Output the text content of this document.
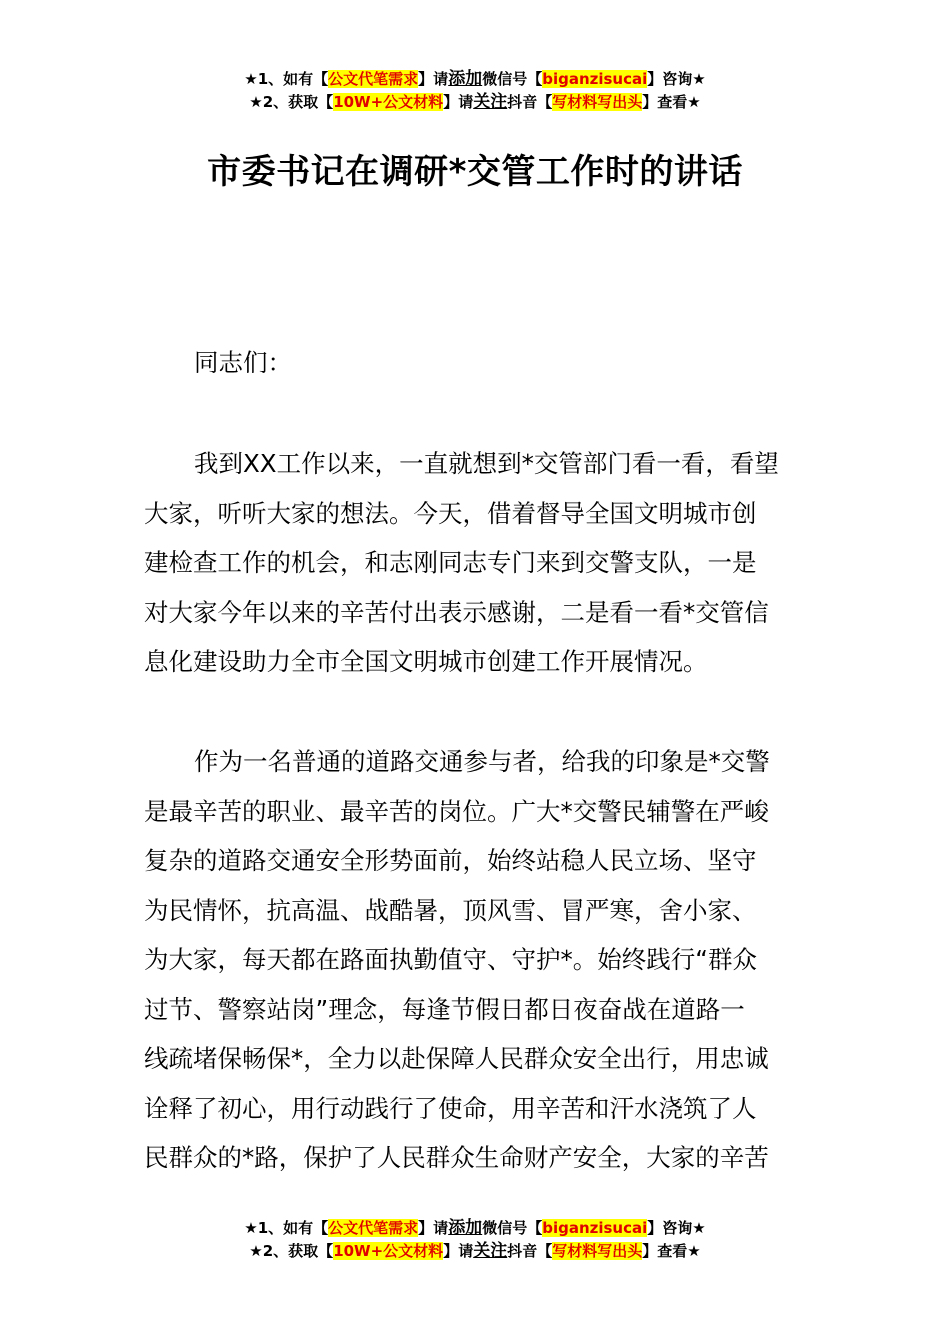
★1、如有【公文代笔需求】请添加微信号【biganzisucai】咨询★
★2、获取【10W+公文材料】请关注抖音【写材料写出头】查看★
市委书记在调研*交管工作时的讲话
同志们：
我到XX工作以来，一直就想到*交管部门看一看，看望
大家，听听大家的想法。今天，借着督导全国文明城市创
建检查工作的机会，和志刚同志专门来到交警支队，一是
对大家今年以来的辛苦付出表示感谢，二是看一看*交管信
息化建设助力全市全国文明城市创建工作开展情况。
作为一名普通的道路交通参与者，给我的印象是*交警
是最辛苦的职业、最辛苦的岗位。广大*交警民辅警在严峻
复杂的道路交通安全形势面前，始终站稳人民立场、坚守
为民情怀，抗高温、战酷暑，顶风雪、冒严寒，舍小家、
为大家，每天都在路面执勤值守、守护*。始终践行“群众
过节、警察站岗”理念，每逢节假日都日夜奋战在道路一
线疏堵保畅保*，全力以赴保障人民群众安全出行，用忠诚
诠释了初心，用行动践行了使命，用辛苦和汗水浇筑了人
民群众的*路，保护了人民群众生命财产安全，大家的辛苦
★1、如有【公文代笔需求】请添加微信号【biganzisucai】咨询★
★2、获取【10W+公文材料】请关注抖音【写材料写出头】查看★
